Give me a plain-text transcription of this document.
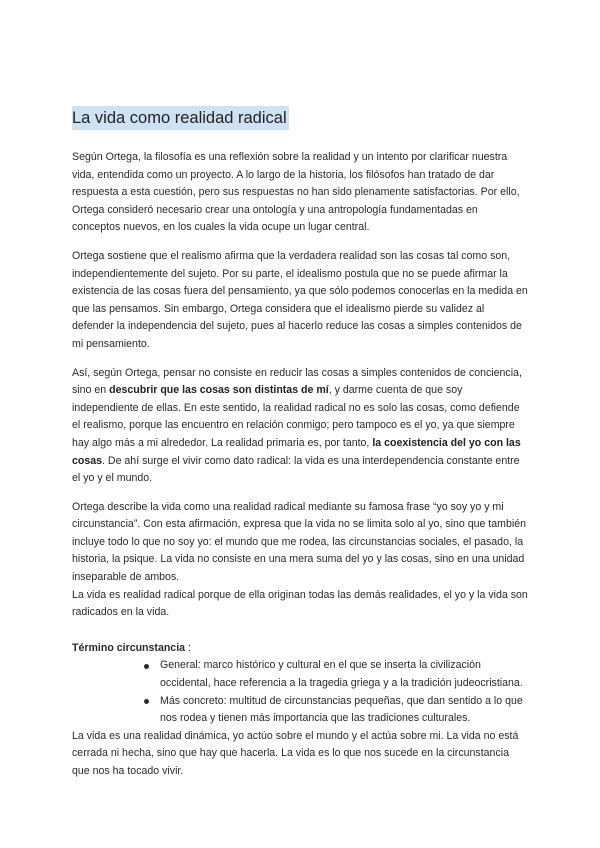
La vida como realidad radical
Según Ortega, la filosofía es una reflexión sobre la realidad y un intento por clarificar nuestra vida, entendida como un proyecto. A lo largo de la historia, los filósofos han tratado de dar respuesta a esta cuestión, pero sus respuestas no han sido plenamente satisfactorias. Por ello, Ortega consideró necesario crear una ontología y una antropología fundamentadas en conceptos nuevos, en los cuales la vida ocupe un lugar central.
Ortega sostiene que el realismo afirma que la verdadera realidad son las cosas tal como son, independientemente del sujeto. Por su parte, el idealismo postula que no se puede afirmar la existencia de las cosas fuera del pensamiento, ya que sólo podemos conocerlas en la medida en que las pensamos. Sin embargo, Ortega considera que el idealismo pierde su validez al defender la independencia del sujeto, pues al hacerlo reduce las cosas a simples contenidos de mi pensamiento.
Así, según Ortega, pensar no consiste en reducir las cosas a simples contenidos de conciencia, sino en descubrir que las cosas son distintas de mí, y darme cuenta de que soy independiente de ellas. En este sentido, la realidad radical no es solo las cosas, como defiende el realismo, porque las encuentro en relación conmigo; pero tampoco es el yo, ya que siempre hay algo más a mi alrededor. La realidad primaria es, por tanto, la coexistencia del yo con las cosas. De ahí surge el vivir como dato radical: la vida es una interdependencia constante entre el yo y el mundo.
Ortega describe la vida como una realidad radical mediante su famosa frase “yo soy yo y mi circunstancia”. Con esta afirmación, expresa que la vida no se limita solo al yo, sino que también incluye todo lo que no soy yo: el mundo que me rodea, las circunstancias sociales, el pasado, la historia, la psique. La vida no consiste en una mera suma del yo y las cosas, sino en una unidad inseparable de ambos.
La vida es realidad radical porque de ella originan todas las demás realidades, el yo y la vida son radicados en la vida.
Término circunstancia :
General: marco histórico y cultural en el que se inserta la civilización occidental, hace referencia a la tragedia griega y a la tradición judeocristiana.
Más concreto: multitud de circunstancias pequeñas, que dan sentido a lo que nos rodea y tienen más importancia que las tradiciones culturales.
La vida es una realidad dinámica, yo actúo sobre el mundo y el actúa sobre mi. La vida no está cerrada ni hecha, sino que hay que hacerla. La vida es lo que nos sucede en la circunstancia que nos ha tocado vivir.
